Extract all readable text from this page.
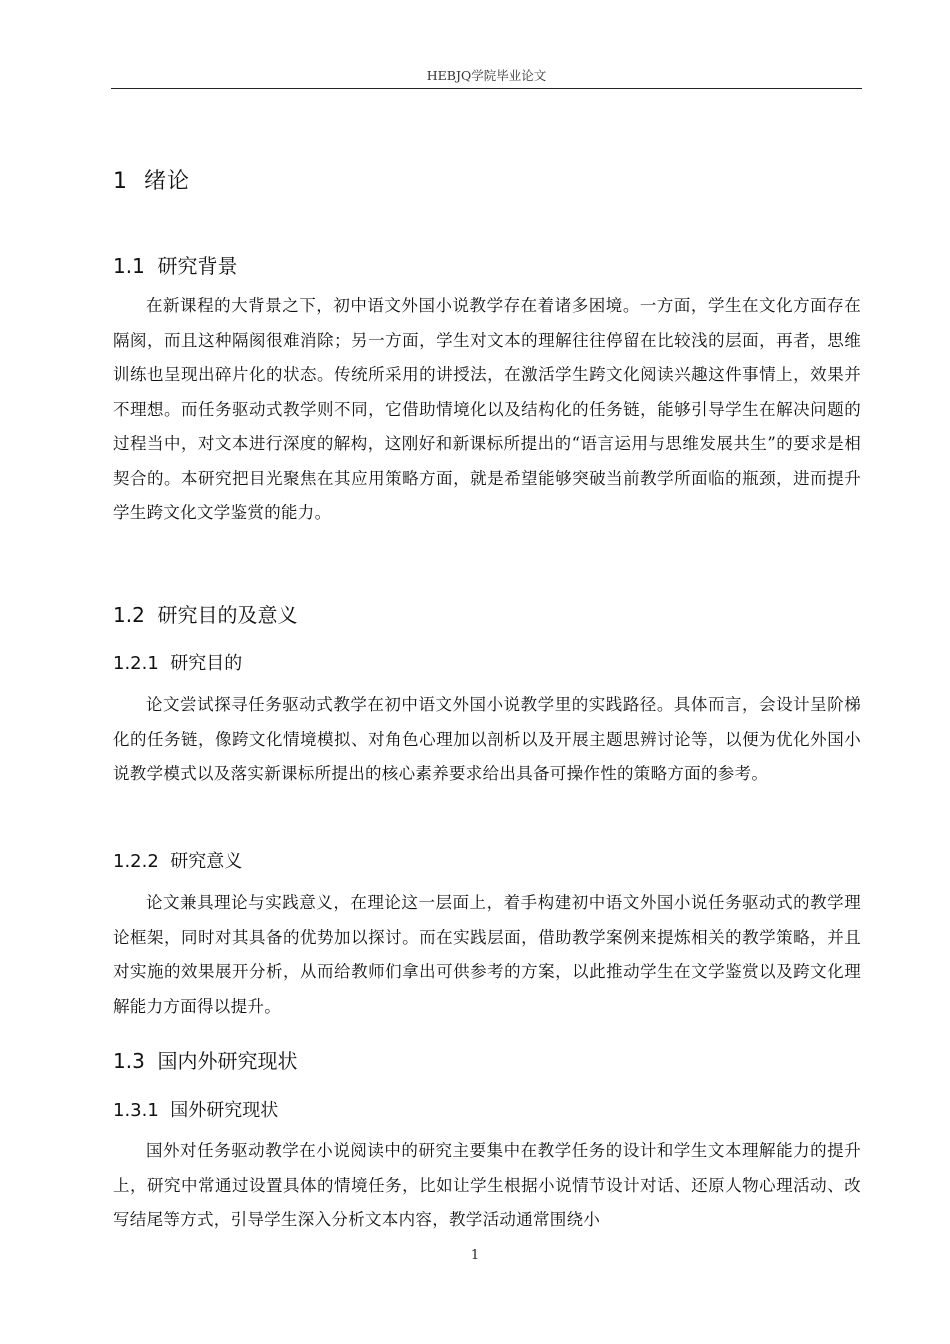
HEBJQ学院毕业论文
1  绪论
1.1  研究背景
在新课程的大背景之下，初中语文外国小说教学存在着诸多困境。一方面，学生在文化方面存在隔阂，而且这种隔阂很难消除；另一方面，学生对文本的理解往往停留在比较浅的层面，再者，思维训练也呈现出碎片化的状态。传统所采用的讲授法，在激活学生跨文化阅读兴趣这件事情上，效果并不理想。而任务驱动式教学则不同，它借助情境化以及结构化的任务链，能够引导学生在解决问题的过程当中，对文本进行深度的解构，这刚好和新课标所提出的“语言运用与思维发展共生”的要求是相契合的。本研究把目光聚焦在其应用策略方面，就是希望能够突破当前教学所面临的瓶颈，进而提升学生跨文化文学鉴赏的能力。
1.2  研究目的及意义
1.2.1  研究目的
论文尝试探寻任务驱动式教学在初中语文外国小说教学里的实践路径。具体而言，会设计呈阶梯化的任务链，像跨文化情境模拟、对角色心理加以剖析以及开展主题思辨讨论等，以便为优化外国小说教学模式以及落实新课标所提出的核心素养要求给出具备可操作性的策略方面的参考。
1.2.2  研究意义
论文兼具理论与实践意义，在理论这一层面上，着手构建初中语文外国小说任务驱动式的教学理论框架，同时对其具备的优势加以探讨。而在实践层面，借助教学案例来提炼相关的教学策略，并且对实施的效果展开分析，从而给教师们拿出可供参考的方案，以此推动学生在文学鉴赏以及跨文化理解能力方面得以提升。
1.3  国内外研究现状
1.3.1  国外研究现状
国外对任务驱动教学在小说阅读中的研究主要集中在教学任务的设计和学生文本理解能力的提升上，研究中常通过设置具体的情境任务，比如让学生根据小说情节设计对话、还原人物心理活动、改写结尾等方式，引导学生深入分析文本内容，教学活动通常围绕小
1
